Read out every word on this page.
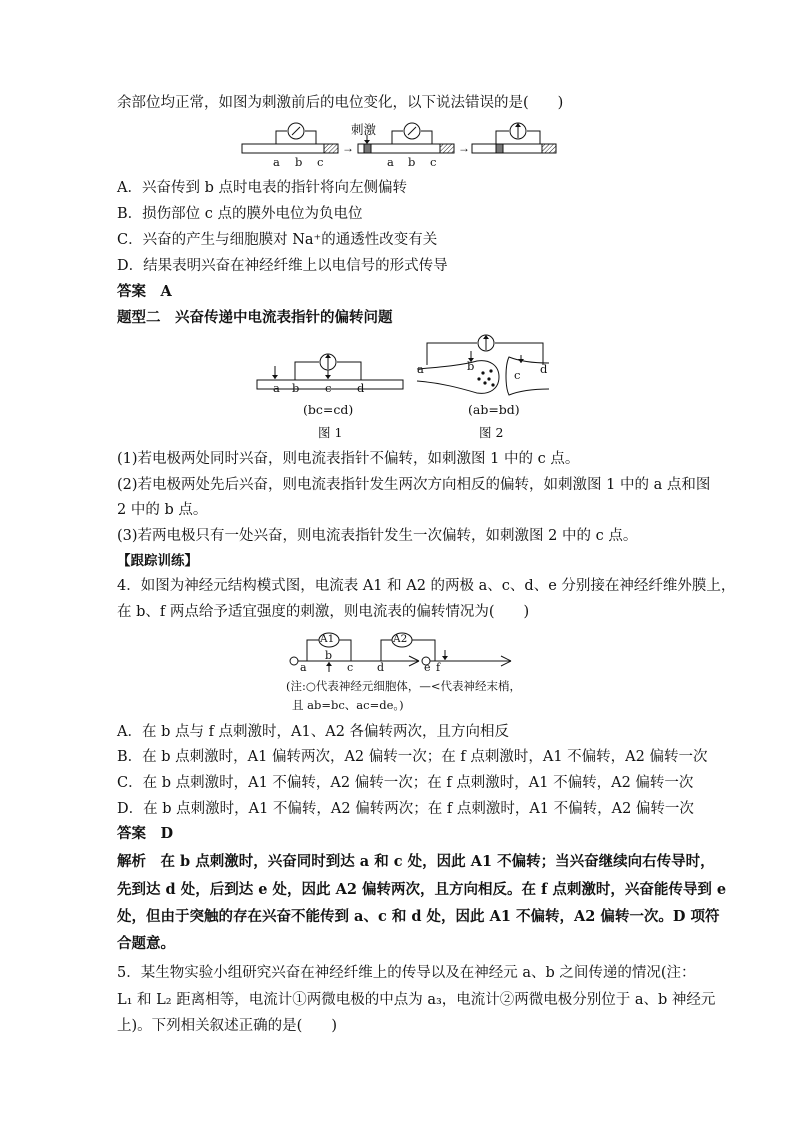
余部位均正常，如图为刺激前后的电位变化，以下说法错误的是(　　)
→	→
刺激
a b c	a b c
A．兴奋传到 b 点时电表的指针将向左侧偏转
B．损伤部位 c 点的膜外电位为负电位
C．兴奋的产生与细胞膜对 Na⁺的通透性改变有关
D．结果表明兴奋在神经纤维上以电信号的形式传导
答案　A
题型二　兴奋传递中电流表指针的偏转问题
a b c d
(bc=cd)
图 1
a	b
c d
(ab=bd)
图 2
(1)若电极两处同时兴奋，则电流表指针不偏转，如刺激图 1 中的 c 点。
(2)若电极两处先后兴奋，则电流表指针发生两次方向相反的偏转，如刺激图 1 中的 a 点和图
2 中的 b 点。
(3)若两电极只有一处兴奋，则电流表指针发生一次偏转，如刺激图 2 中的 c 点。
【跟踪训练】
4．如图为神经元结构模式图，电流表 A1 和 A2 的两极 a、c、d、e 分别接在神经纤维外膜上，
在 b、f 两点给予适宜强度的刺激，则电流表的偏转情况为(　　)
A1	A2
a
b
c d	e f
(注:○代表神经元细胞体，—<代表神经末梢，
且 ab=bc、ac=de。)
A．在 b 点与 f 点刺激时，A1、A2 各偏转两次，且方向相反
B．在 b 点刺激时，A1 偏转两次，A2 偏转一次；在 f 点刺激时，A1 不偏转，A2 偏转一次
C．在 b 点刺激时，A1 不偏转，A2 偏转一次；在 f 点刺激时，A1 不偏转，A2 偏转一次
D．在 b 点刺激时，A1 不偏转，A2 偏转两次；在 f 点刺激时，A1 不偏转，A2 偏转一次
答案　D
解析　在 b 点刺激时，兴奋同时到达 a 和 c 处，因此 A1 不偏转；当兴奋继续向右传导时，
先到达 d 处，后到达 e 处，因此 A2 偏转两次，且方向相反。在 f 点刺激时，兴奋能传导到 e
处，但由于突触的存在兴奋不能传到 a、c 和 d 处，因此 A1 不偏转，A2 偏转一次。D 项符
合题意。
5．某生物实验小组研究兴奋在神经纤维上的传导以及在神经元 a、b 之间传递的情况(注：
L₁ 和 L₂ 距离相等，电流计①两微电极的中点为 a₃，电流计②两微电极分别位于 a、b 神经元
上)。下列相关叙述正确的是(　　)
